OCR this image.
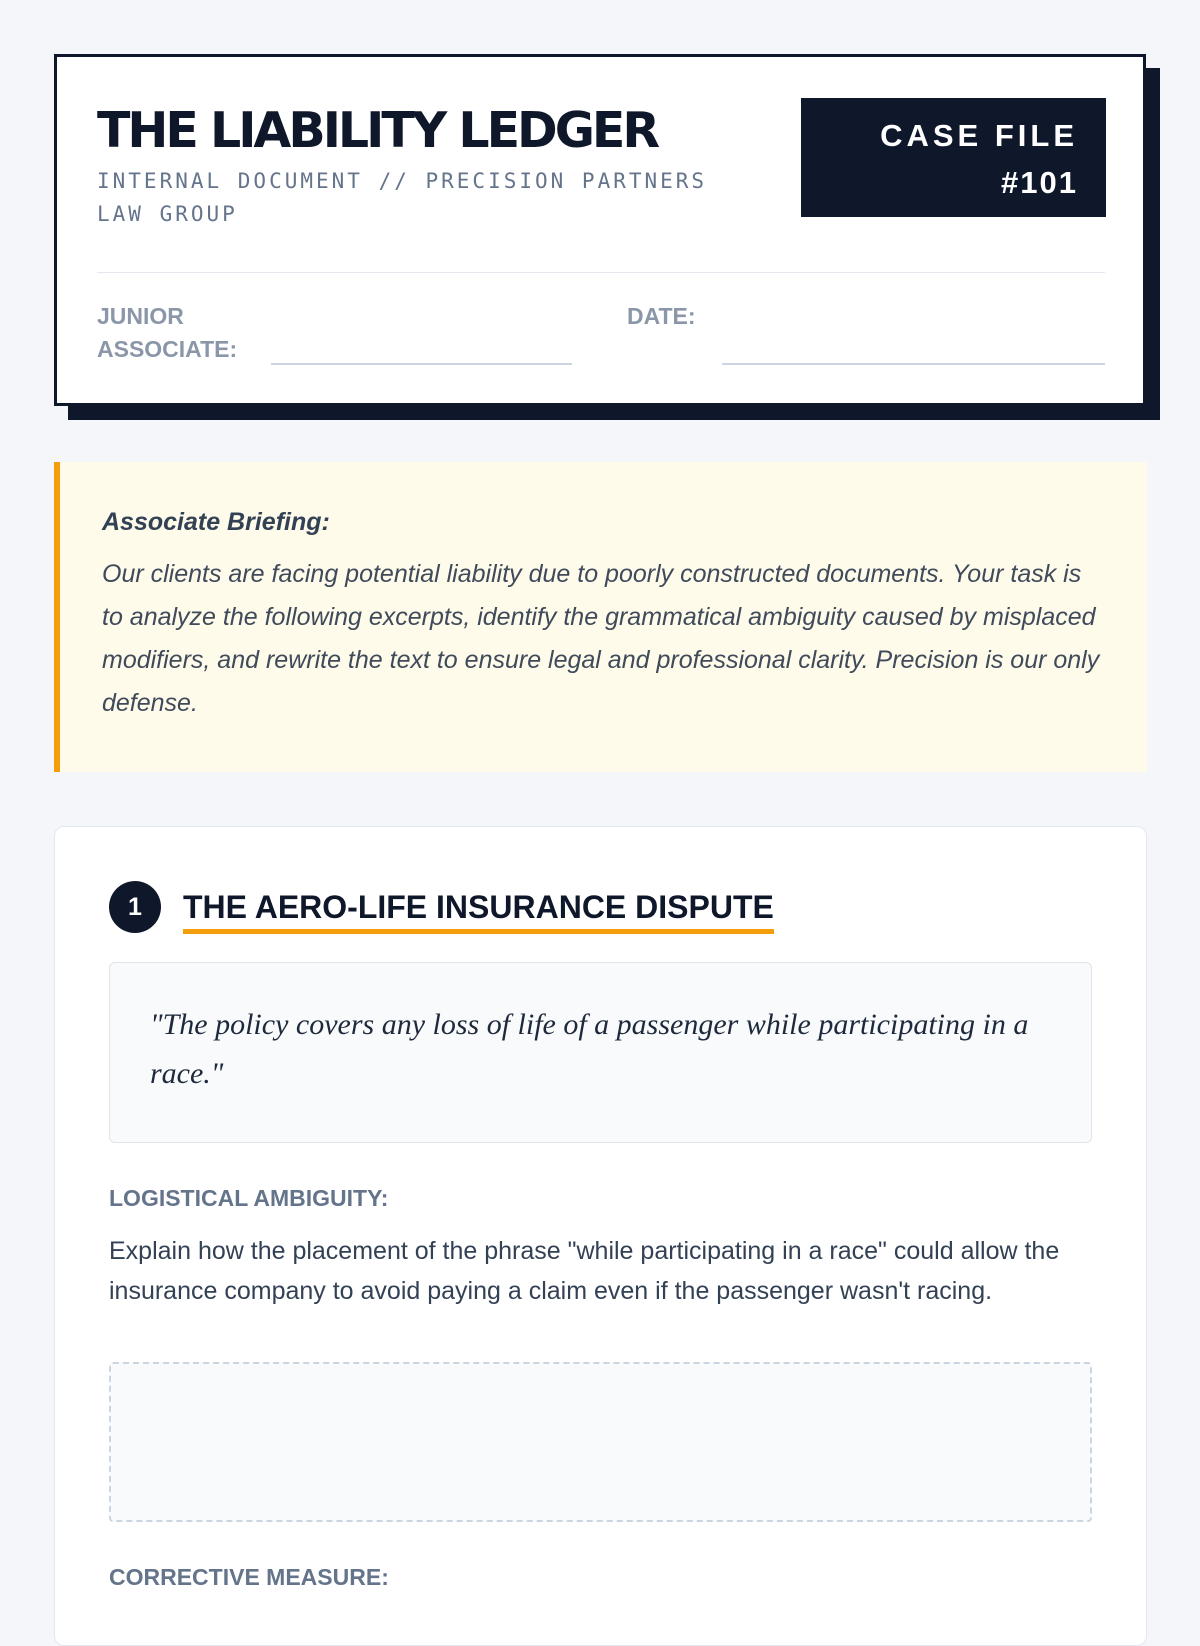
THE LIABILITY LEDGER

INTERNAL DOCUMENT // PRECISION PARTNERS LAW GROUP

CASE FILE
#101

JUNIOR ASSOCIATE:

DATE:

Associate Briefing:

Our clients are facing potential liability due to poorly constructed documents. Your task is to analyze the following excerpts, identify the grammatical ambiguity caused by misplaced modifiers, and rewrite the text to ensure legal and professional clarity. Precision is our only defense.

1	THE AERO-LIFE INSURANCE DISPUTE

"The policy covers any loss of life of a passenger while participating in a race."

LOGISTICAL AMBIGUITY:

Explain how the placement of the phrase "while participating in a race" could allow the insurance company to avoid paying a claim even if the passenger wasn't racing.

CORRECTIVE MEASURE:
